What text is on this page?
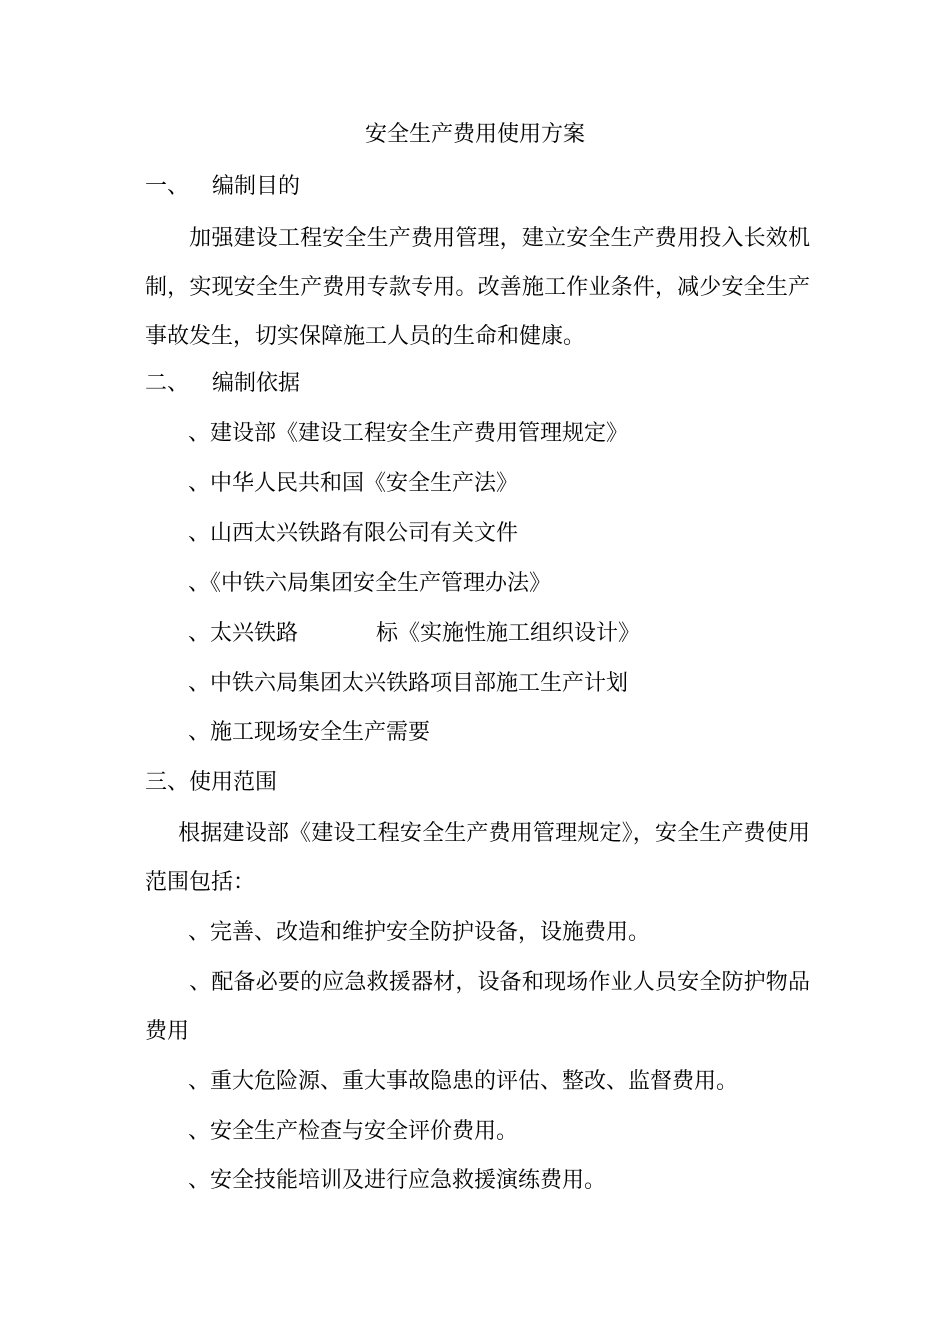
安全生产费用使用方案
一、 编制目的
加强建设工程安全生产费用管理，建立安全生产费用投入长效机制，实现安全生产费用专款专用。改善施工作业条件，减少安全生产事故发生，切实保障施工人员的生命和健康。
二、 编制依据
、建设部《建设工程安全生产费用管理规定》
、中华人民共和国《安全生产法》
、山西太兴铁路有限公司有关文件
、《中铁六局集团安全生产管理办法》
、太兴铁路	标《实施性施工组织设计》
、中铁六局集团太兴铁路项目部施工生产计划
、施工现场安全生产需要
三、使用范围
根据建设部《建设工程安全生产费用管理规定》，安全生产费使用范围包括：
、完善、改造和维护安全防护设备，设施费用。
、配备必要的应急救援器材，设备和现场作业人员安全防护物品费用
、重大危险源、重大事故隐患的评估、整改、监督费用。
、安全生产检查与安全评价费用。
、安全技能培训及进行应急救援演练费用。
